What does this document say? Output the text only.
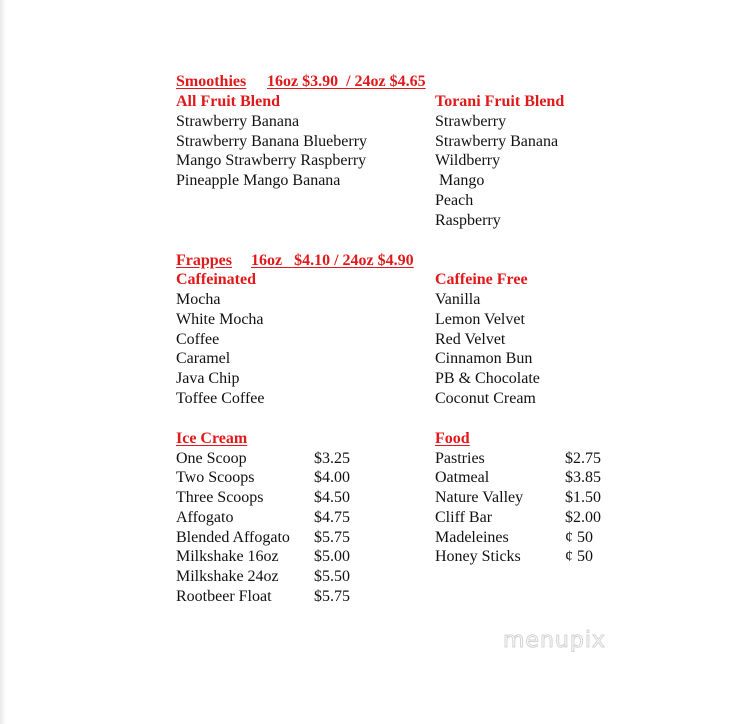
Smoothies 16oz $3.90  / 24oz $4.65
All Fruit Blend
Strawberry Banana
Strawberry Banana Blueberry
Mango Strawberry Raspberry
Pineapple Mango Banana
Torani Fruit Blend
Strawberry
Strawberry Banana
Wildberry
Mango
Peach
Raspberry
Frappes 16oz   $4.10 / 24oz $4.90
Caffeinated
Mocha
White Mocha
Coffee
Caramel
Java Chip
Toffee Coffee
Caffeine Free
Vanilla
Lemon Velvet
Red Velvet
Cinnamon Bun
PB & Chocolate
Coconut Cream
Ice Cream
One Scoop	$3.25
Two Scoops	$4.00
Three Scoops	$4.50
Affogato	$4.75
Blended Affogato $5.75
Milkshake 16oz $5.00
Milkshake 24oz $5.50
Rootbeer Float	$5.75
Food
Pastries	$2.75
Oatmeal	$3.85
Nature Valley	$1.50
Cliff Bar	$2.00
Madeleines	¢ 50
Honey Sticks	¢ 50
menupix
